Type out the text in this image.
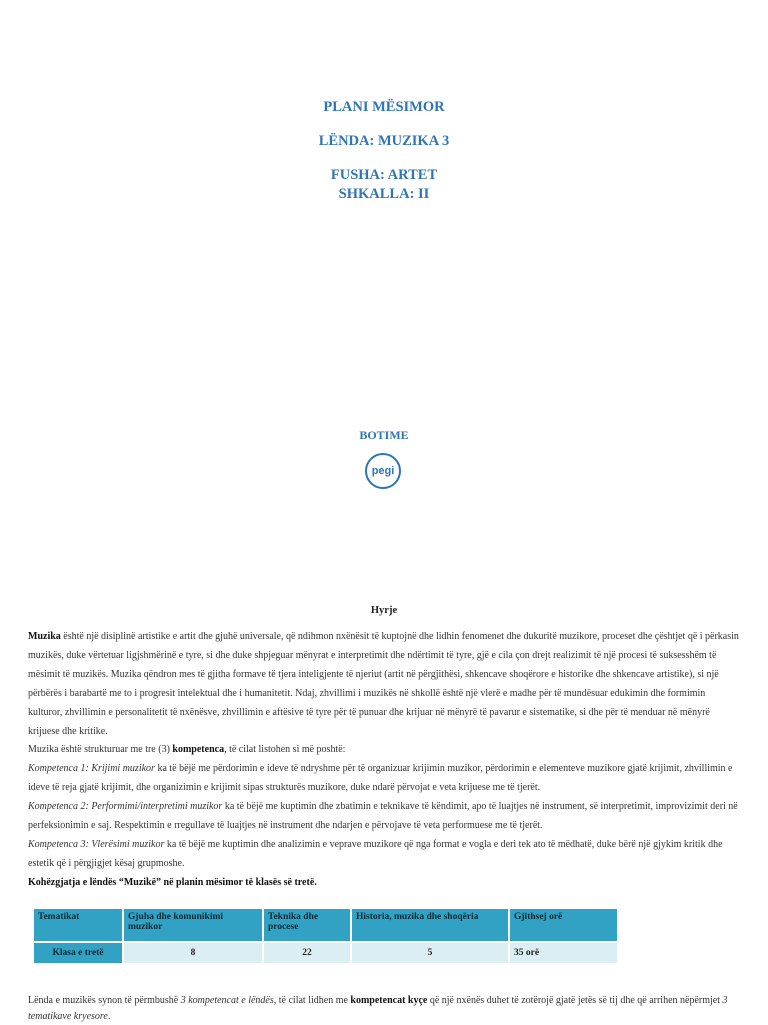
PLANI MËSIMOR
LËNDA: MUZIKA 3
FUSHA: ARTET
SHKALLA: II
BOTIME
pegi
Hyrje

Muzika është një disiplinë artistike e artit dhe gjuhë universale, që ndihmon nxënësit të kuptojnë dhe lidhin fenomenet dhe dukuritë muzikore, proceset dhe çështjet që i përkasin muzikës, duke vërtetuar ligjshmërinë e tyre, si dhe duke shpjeguar mënyrat e interpretimit dhe ndërtimit të tyre, gjë e cila çon drejt realizimit të një procesi të suksesshëm të mësimit të muzikës. Muzika qëndron mes të gjitha formave të tjera inteligjente të njeriut (artit në përgjithësi, shkencave shoqërore e historike dhe shkencave artistike), si një përbërës i barabartë me to i progresit intelektual dhe i humanitetit. Ndaj, zhvillimi i muzikës në shkollë është një vlerë e madhe për të mundësuar edukimin dhe formimin kulturor, zhvillimin e personalitetit të nxënësve, zhvillimin e aftësive të tyre për të punuar dhe krijuar në mënyrë të pavarur e sistematike, si dhe për të menduar në mënyrë krijuese dhe kritike.

Muzika është strukturuar me tre (3) kompetenca, të cilat listohen si më poshtë:

Kompetenca 1: Krijimi muzikor ka të bëjë me përdorimin e ideve të ndryshme për të organizuar krijimin muzikor, përdorimin e elementeve muzikore gjatë krijimit, zhvillimin e ideve të reja gjatë krijimit, dhe organizimin e krijimit sipas strukturës muzikore, duke ndarë përvojat e veta krijuese me të tjerët.

Kompetenca 2: Performimi/interpretimi muzikor ka të bëjë me kuptimin dhe zbatimin e teknikave të këndimit, apo të luajtjes në instrument, së interpretimit, improvizimit deri në perfeksionimin e saj. Respektimin e rregullave të luajtjes në instrument dhe ndarjen e përvojave të veta performuese me të tjerët.

Kompetenca 3: Vlerësimi muzikor ka të bëjë me kuptimin dhe analizimin e veprave muzikore që nga format e vogla e deri tek ato të mëdhatë, duke bërë një gjykim kritik dhe estetik që i përgjigjet kësaj grupmoshe.

Kohëzgjatja e lëndës “Muzikë” në planin mësimor të klasës së tretë.

Tematikat	Gjuha dhe komunikimi muzikor	Teknika dhe procese	Historia, muzika dhe shoqëria	Gjithsej orë
Klasa e tretë	8	22	5	35 orë
Lënda e muzikës synon të përmbushë 3 kompetencat e lëndës, të cilat lidhen me kompetencat kyçe që një nxënës duhet të zotërojë gjatë jetës së tij dhe që arrihen nëpërmjet 3 tematikave kryesore.
